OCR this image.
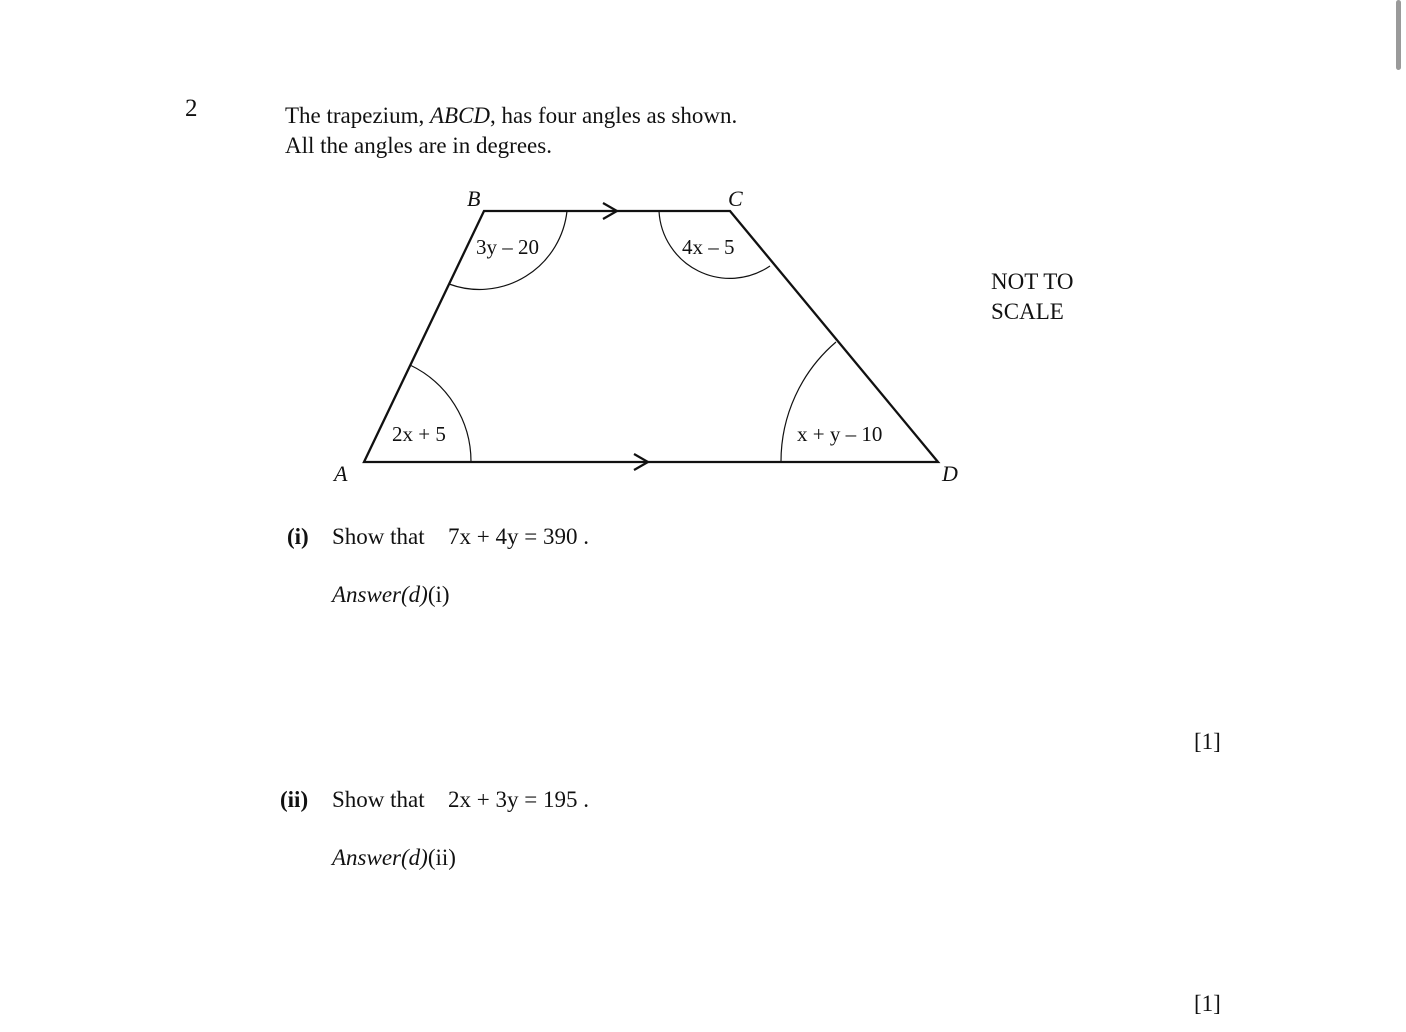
2	The trapezium, ABCD, has four angles as shown.
All the angles are in degrees.
B	C
A	D
3y – 20	4x – 5
2x + 5	x + y – 10
NOT TO
SCALE
(i) Show that 7x + 4y = 390 .
Answer(d)(i)
[1]
(ii) Show that 2x + 3y = 195 .
Answer(d)(ii)
[1]
